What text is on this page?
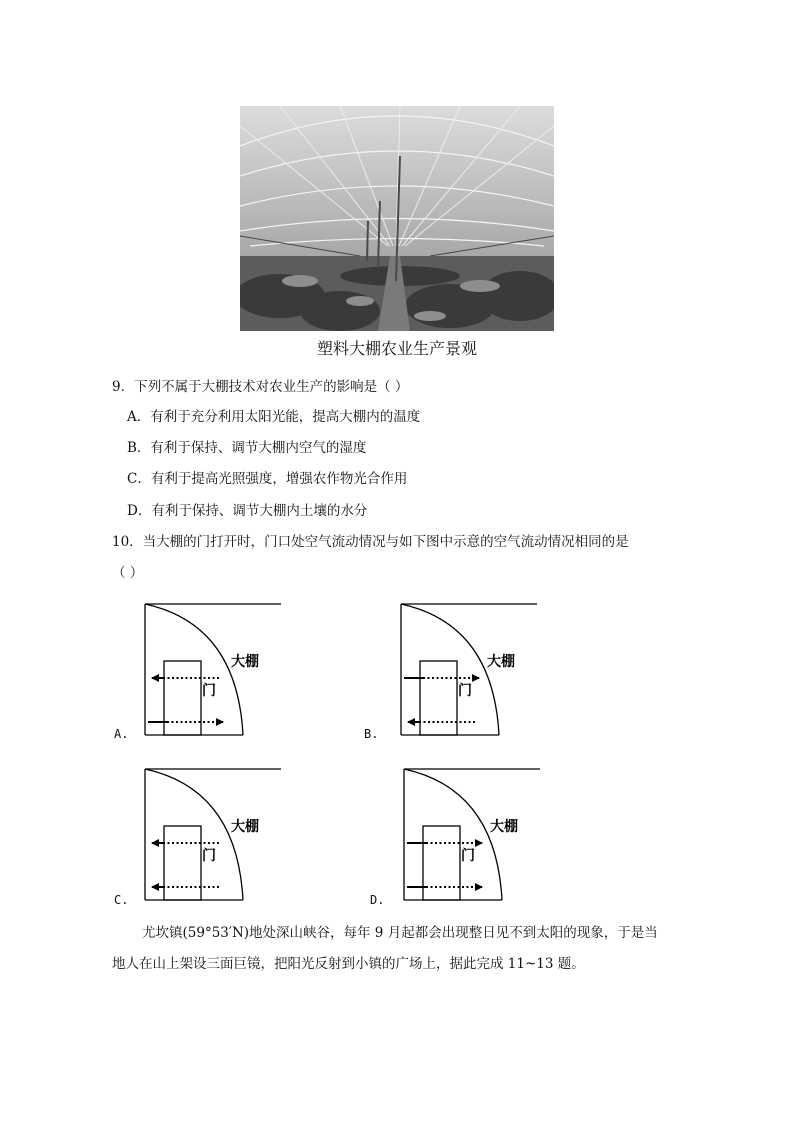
塑料大棚农业生产景观
9．下列不属于大棚技术对农业生产的影响是（ ）
A．有利于充分利用太阳光能，提高大棚内的温度
B．有利于保持、调节大棚内空气的湿度
C．有利于提高光照强度，增强农作物光合作用
D．有利于保持、调节大棚内土壤的水分
10．当大棚的门打开时，门口处空气流动情况与如下图中示意的空气流动情况相同的是
（ ）
A.	B.
C.	D.
大棚
门
大棚
门
大棚
门
大棚
门
尤坎镇(59°53′N)地处深山峡谷，每年 9 月起都会出现整日见不到太阳的现象，于是当
地人在山上架设三面巨镜，把阳光反射到小镇的广场上，据此完成 11~13 题。
